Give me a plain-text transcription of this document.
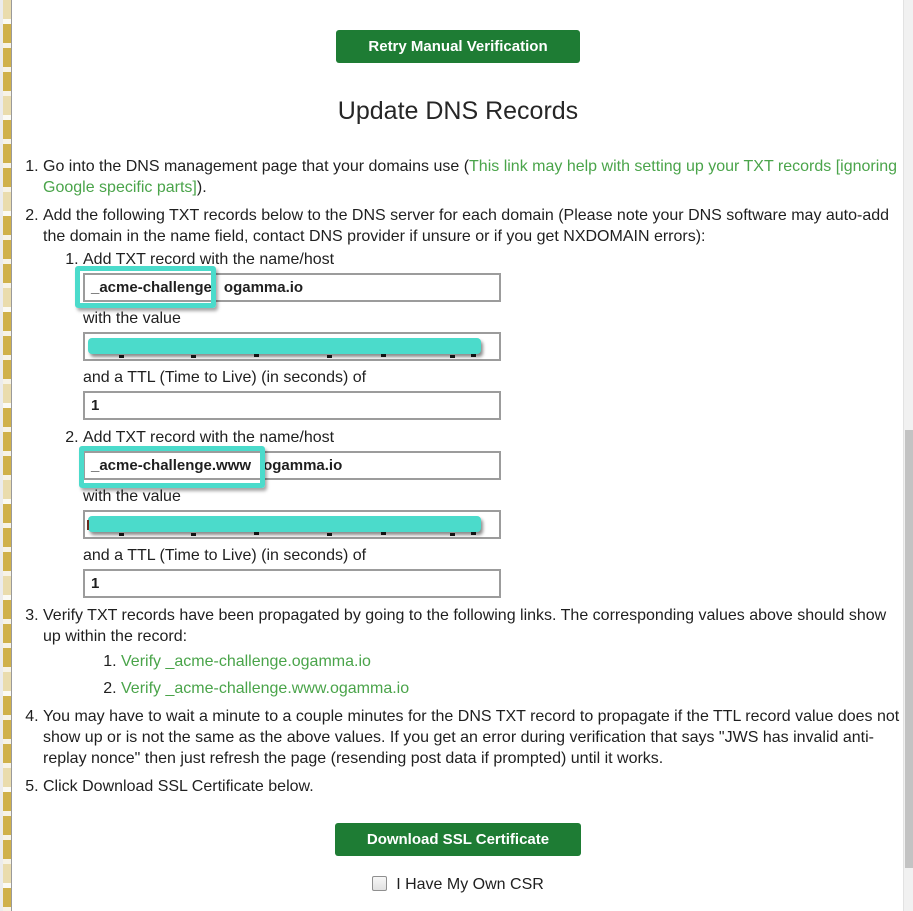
Retry Manual Verification
Update DNS Records
1. Go into the DNS management page that your domains use (This link may help with setting up your TXT records [ignoring Google specific parts]).
2. Add the following TXT records below to the DNS server for each domain (Please note your DNS software may auto-add the domain in the name field, contact DNS provider if unsure or if you get NXDOMAIN errors):
1. Add TXT record with the name/host
_acme-challenge ogamma.io
with the value
and a TTL (Time to Live) (in seconds) of
1
2. Add TXT record with the name/host
_acme-challenge.www ogamma.io
with the value
and a TTL (Time to Live) (in seconds) of
1
3. Verify TXT records have been propagated by going to the following links. The corresponding values above should show up within the record:
1. Verify _acme-challenge.ogamma.io
2. Verify _acme-challenge.www.ogamma.io
4. You may have to wait a minute to a couple minutes for the DNS TXT record to propagate if the TTL record value does not show up or is not the same as the above values. If you get an error during verification that says "JWS has invalid anti-replay nonce" then just refresh the page (resending post data if prompted) until it works.
5. Click Download SSL Certificate below.
Download SSL Certificate
I Have My Own CSR
